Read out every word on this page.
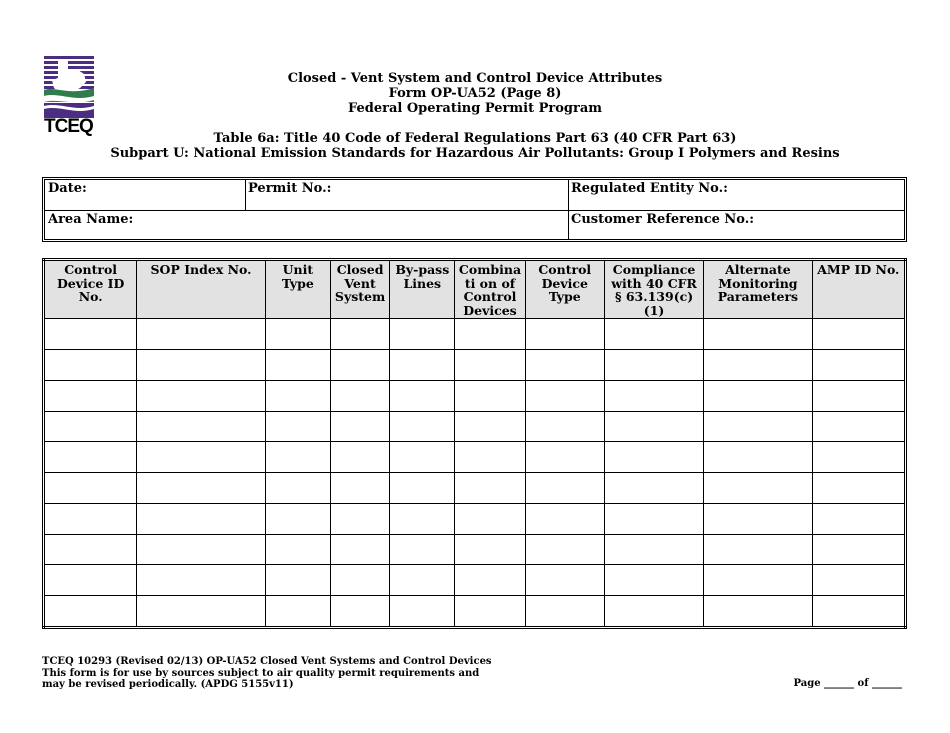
TCEQ
Closed - Vent System and Control Device Attributes
Form OP-UA52 (Page 8)
Federal Operating Permit Program
Table 6a: Title 40 Code of Federal Regulations Part 63 (40 CFR Part 63)
Subpart U: National Emission Standards for Hazardous Air Pollutants: Group I Polymers and Resins
Date:	Permit No.:	Regulated Entity No.:
Area Name:	Customer Reference No.:
Control Device ID No.	SOP Index No.	Unit Type	Closed Vent System	By-pass Lines	Combinati on of Control Devices	Control Device Type	Compliance with 40 CFR § 63.139(c)(1)	Alternate Monitoring Parameters	AMP ID No.

TCEQ 10293 (Revised 02/13) OP-UA52 Closed Vent Systems and Control Devices
This form is for use by sources subject to air quality permit requirements and
may be revised periodically. (APDG 5155v11)	Page ______ of ______
